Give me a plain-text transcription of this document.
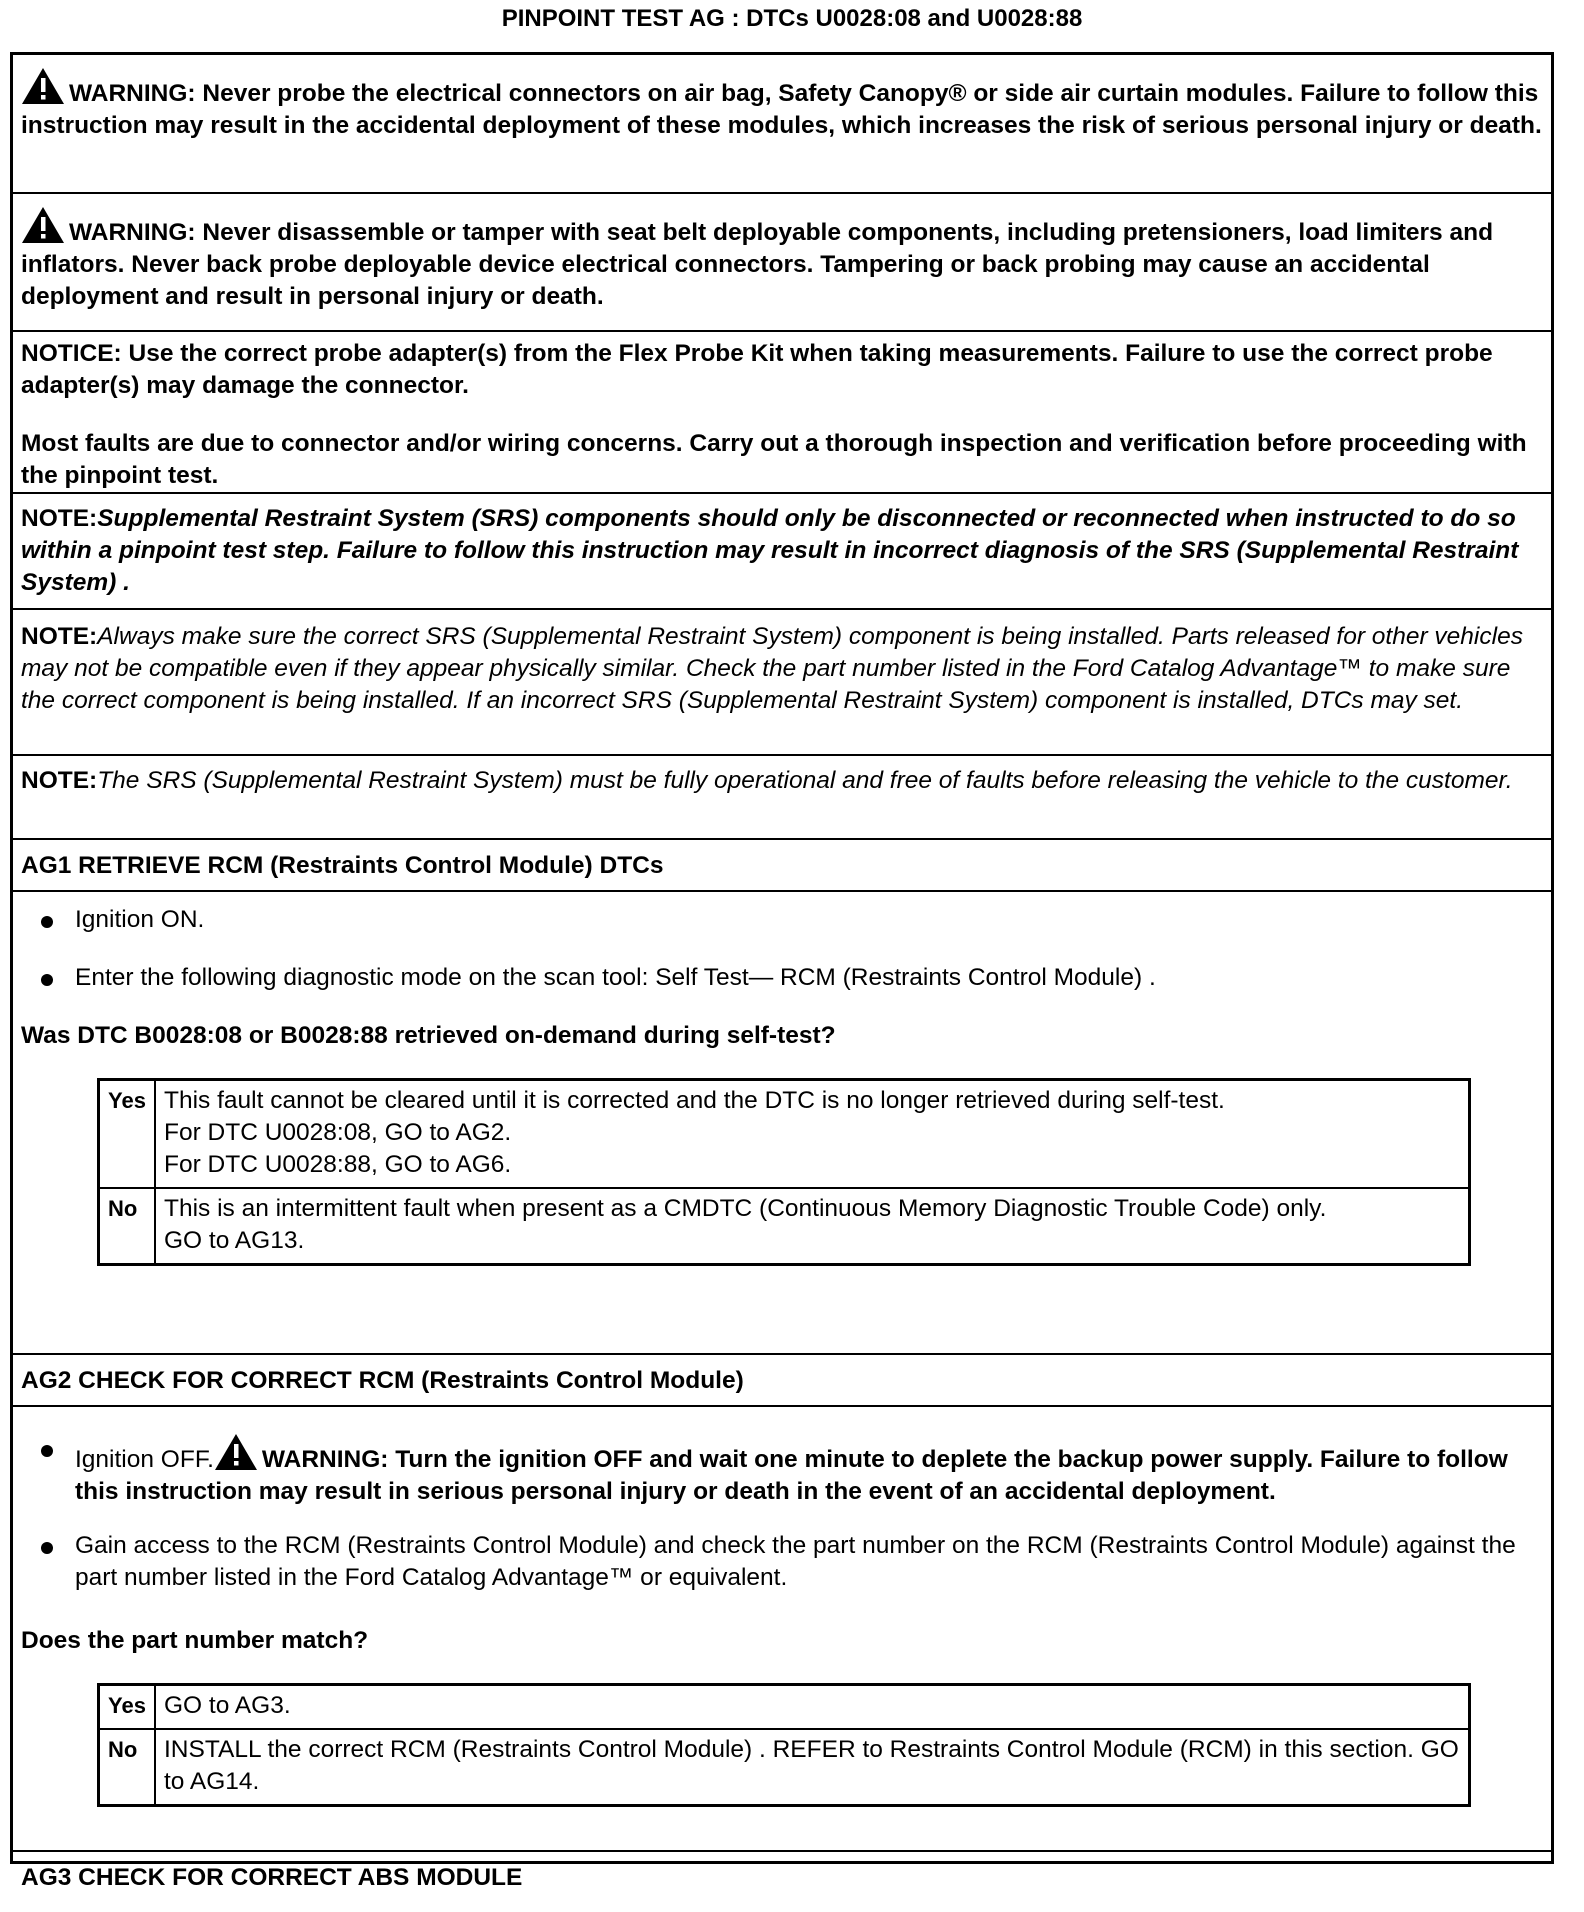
PINPOINT TEST AG : DTCs U0028:08 and U0028:88
WARNING: Never probe the electrical connectors on air bag, Safety Canopy® or side air curtain modules. Failure to follow this instruction may result in the accidental deployment of these modules, which increases the risk of serious personal injury or death.
WARNING: Never disassemble or tamper with seat belt deployable components, including pretensioners, load limiters and inflators. Never back probe deployable device electrical connectors. Tampering or back probing may cause an accidental deployment and result in personal injury or death.
NOTICE: Use the correct probe adapter(s) from the Flex Probe Kit when taking measurements. Failure to use the correct probe adapter(s) may damage the connector.
Most faults are due to connector and/or wiring concerns. Carry out a thorough inspection and verification before proceeding with the pinpoint test.
NOTE:Supplemental Restraint System (SRS) components should only be disconnected or reconnected when instructed to do so within a pinpoint test step. Failure to follow this instruction may result in incorrect diagnosis of the SRS (Supplemental Restraint System) .
NOTE:Always make sure the correct SRS (Supplemental Restraint System) component is being installed. Parts released for other vehicles may not be compatible even if they appear physically similar. Check the part number listed in the Ford Catalog Advantage™ to make sure the correct component is being installed. If an incorrect SRS (Supplemental Restraint System) component is installed, DTCs may set.
NOTE:The SRS (Supplemental Restraint System) must be fully operational and free of faults before releasing the vehicle to the customer.
AG1 RETRIEVE RCM (Restraints Control Module) DTCs
Ignition ON.
Enter the following diagnostic mode on the scan tool: Self Test— RCM (Restraints Control Module) .
Was DTC B0028:08 or B0028:88 retrieved on-demand during self-test?
Yes	This fault cannot be cleared until it is corrected and the DTC is no longer retrieved during self-test.
For DTC U0028:08, GO to AG2.
For DTC U0028:88, GO to AG6.

No	This is an intermittent fault when present as a CMDTC (Continuous Memory Diagnostic Trouble Code) only.
GO to AG13.
AG2 CHECK FOR CORRECT RCM (Restraints Control Module)
Ignition OFF. WARNING: Turn the ignition OFF and wait one minute to deplete the backup power supply. Failure to follow this instruction may result in serious personal injury or death in the event of an accidental deployment.
Gain access to the RCM (Restraints Control Module) and check the part number on the RCM (Restraints Control Module) against the part number listed in the Ford Catalog Advantage™ or equivalent.
Does the part number match?
Yes	GO to AG3.

No	INSTALL the correct RCM (Restraints Control Module) . REFER to Restraints Control Module (RCM) in this section. GO to AG14.
AG3 CHECK FOR CORRECT ABS MODULE
